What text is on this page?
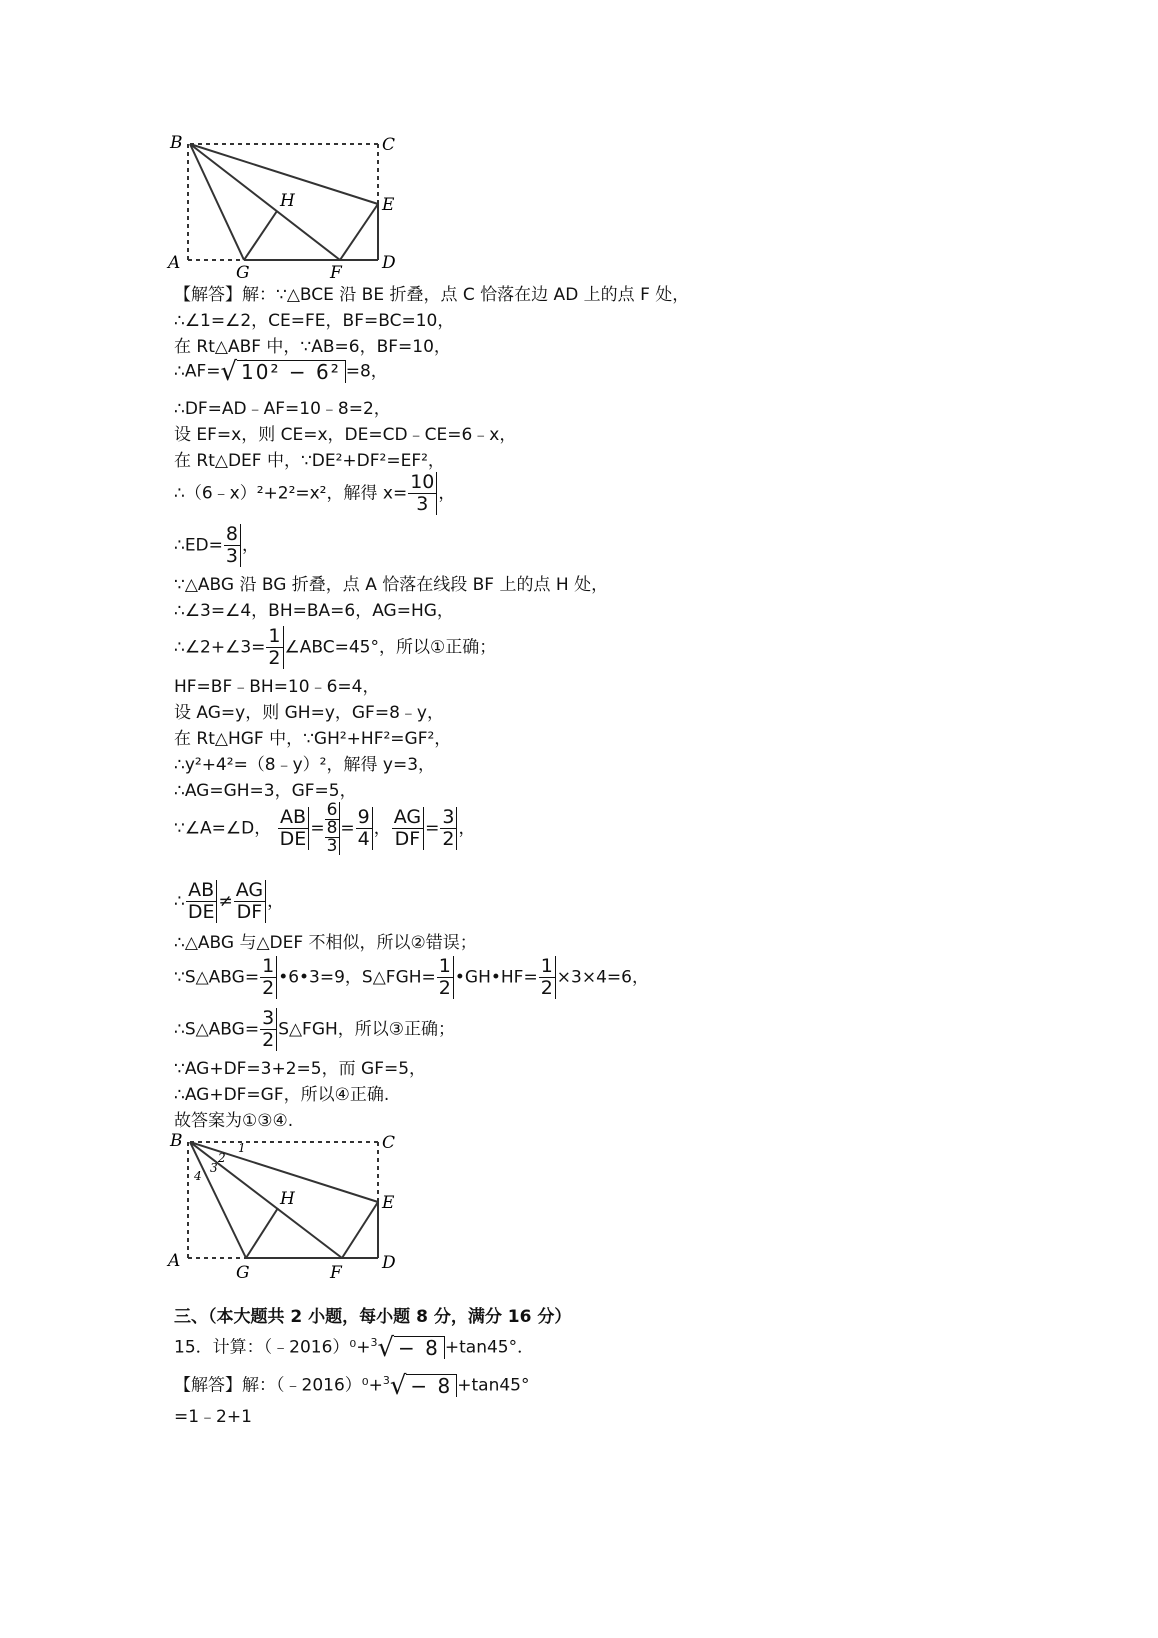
B	C
H	E
A	G	F D
【解答】解：∵△BCE 沿 BE 折叠，点 C 恰落在边 AD 上的点 F 处，
∴∠1=∠2，CE=FE，BF=BC=10，
在 Rt△ABF 中，∵AB=6，BF=10，
∴AF=√ 10² − 6² =8，
∴DF=AD﹣AF=10﹣8=2，
设 EF=x，则 CE=x，DE=CD﹣CE=6﹣x，
在 Rt△DEF 中，∵DE²+DF²=EF²，
∴（6﹣x）²+2²=x²，解得 $x= \frac{10}{3}$ ，
∴ED= $\frac{8}{3}$ ，
∵△ABG 沿 BG 折叠，点 A 恰落在线段 BF 上的点 H 处，
∴∠3=∠4，BH=BA=6，AG=HG，
∴∠2+∠3= $\frac{1}{2}$ ∠ABC=45°，所以①正确；
HF=BF﹣BH=10﹣6=4，
设 AG=y，则 GH=y，GF=8﹣y，
在 Rt△HGF 中，∵GH²+HF²=GF²，
∴y²+4²=（8﹣y）²，解得 y=3，
∴AG=GH=3，GF=5，
∵∠A=∠D， $\frac{AB}{DE}$ =
6
8
3
= $\frac{9}{4}$ ， $\frac{AG}{DF} = \frac{3}{2}$ ，
∴ $\frac{AB}{DE} \ne \frac{AG}{DF}$ ，
∴△ABG 与△DEF 不相似，所以②错误；
∵S△ABG= $\frac{1}{2}$ •6•3=9，S△FGH= $\frac{1}{2}$ •GH•HF= $\frac{1}{2} \times 3\times 4=6$，
∴S△ABG= $\frac{3}{2}$ S△FGH，所以③正确；
∵AG+DF=3+2=5，而 GF=5，
∴AG+DF=GF，所以④正确.
故答案为①③④.
B	C
1
2
3
4
H	E
A
G	F D
三、（本大题共 2 小题，每小题 8 分，满分 16 分）
15．计算：（﹣2016）⁰+$^3$√ − 8 +tan45°．
【解答】解：（﹣2016）⁰+$^3$√ − 8 +tan45°
=1﹣2+1
